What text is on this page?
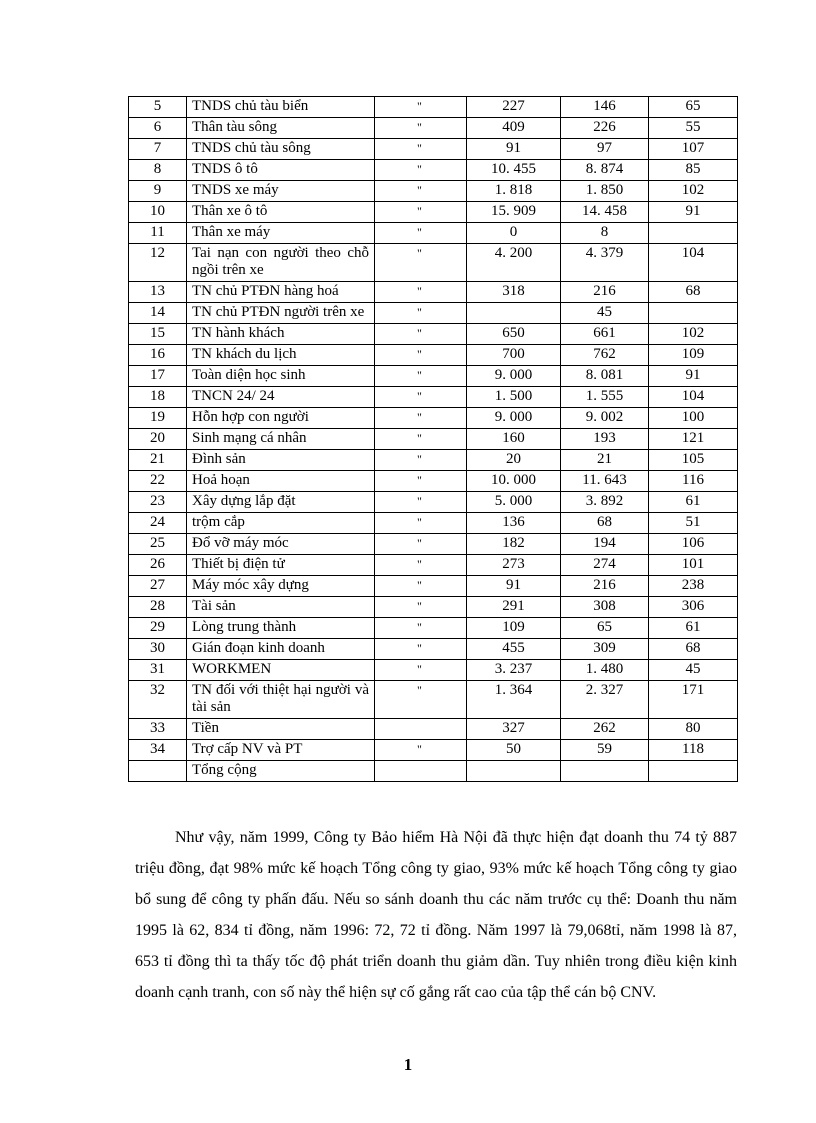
5	TNDS chủ tàu biển	"	227	146	65
6	Thân tàu sông	"	409	226	55
7	TNDS chủ tàu sông	"	91	97	107
8	TNDS ô tô	"	10. 455	8. 874	85
9	TNDS xe máy	"	1. 818	1. 850	102
10	Thân xe ô tô	"	15. 909	14. 458	91
11	Thân xe máy	"	0	8	
12	Tai nạn con người theo chỗ ngồi trên xe	"	4. 200	4. 379	104
13	TN chủ PTĐN hàng hoá	"	318	216	68
14	TN chủ PTĐN người trên xe	"		45	
15	TN hành khách	"	650	661	102
16	TN khách du lịch	"	700	762	109
17	Toàn diện học sinh	"	9. 000	8. 081	91
18	TNCN 24/ 24	"	1. 500	1. 555	104
19	Hỗn hợp con người	"	9. 000	9. 002	100
20	Sinh mạng cá nhân	"	160	193	121
21	Đình sản	"	20	21	105
22	Hoả hoạn	"	10. 000	11. 643	116
23	Xây dựng lắp đặt	"	5. 000	3. 892	61
24	trộm cắp	"	136	68	51
25	Đổ vỡ máy móc	"	182	194	106
26	Thiết bị điện tử	"	273	274	101
27	Máy móc xây dựng	"	91	216	238
28	Tài sản	"	291	308	306
29	Lòng trung thành	"	109	65	61
30	Gián đoạn kinh doanh	"	455	309	68
31	WORKMEN	"	3. 237	1. 480	45
32	TN đối với thiệt hại người và tài sản	"	1. 364	2. 327	171
33	Tiền		327	262	80
34	Trợ cấp NV và PT	"	50	59	118
	Tổng cộng				

Như vậy, năm 1999, Công ty Bảo hiểm Hà Nội đã thực hiện đạt doanh thu 74 tỷ 887 triệu đồng, đạt 98% mức kế hoạch Tổng công ty giao, 93% mức kế hoạch Tổng công ty giao bổ sung để công ty phấn đấu. Nếu so sánh doanh thu các năm trước cụ thể: Doanh thu năm 1995 là 62, 834 tỉ đồng, năm 1996: 72, 72 tỉ đồng. Năm 1997 là 79,068tỉ, năm 1998 là 87, 653 tỉ đồng thì ta thấy tốc độ phát triển doanh thu giảm dần. Tuy nhiên trong điều kiện kinh doanh cạnh tranh, con số này thể hiện sự cố gắng rất cao của tập thể cán bộ CNV.

1
